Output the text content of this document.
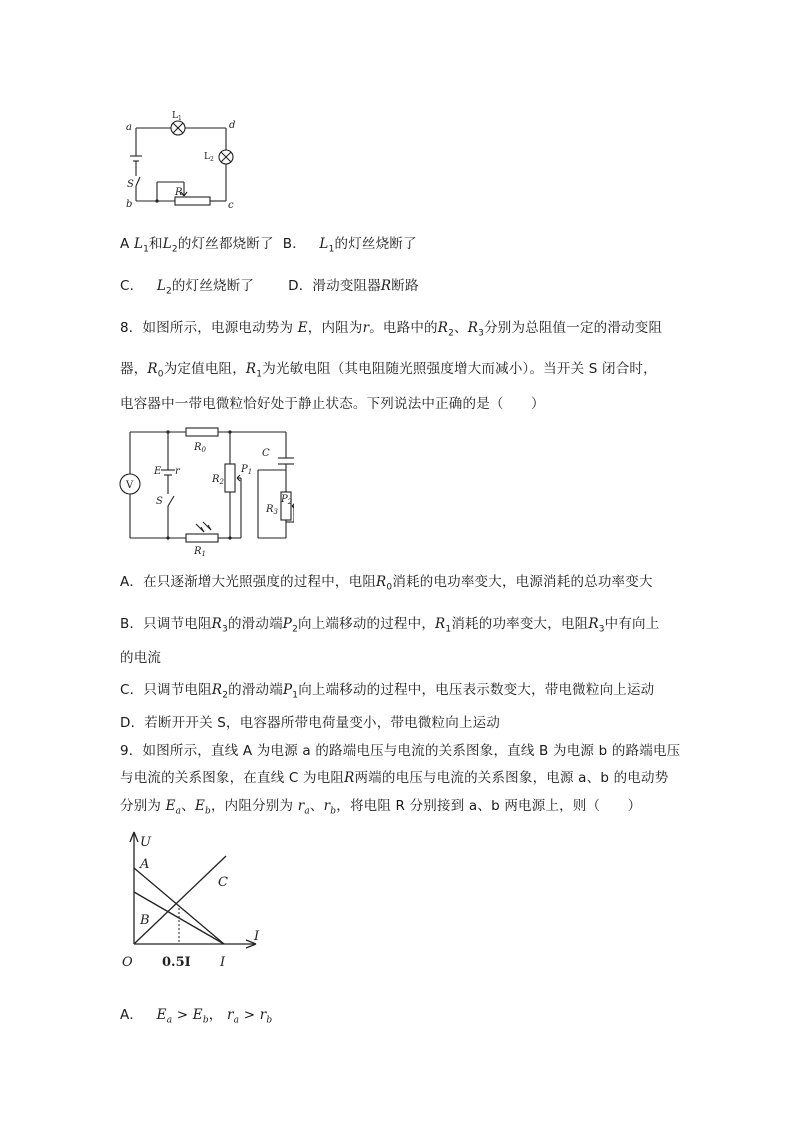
a	d
b	c
S
R
$L_1$
$L_2$
A $L_1$和$L_2$的灯丝都烧断了 B． $L_1$的灯丝烧断了
C． $L_2$的灯丝烧断了	D．滑动变阻器R断路
8．如图所示，电源电动势为 E，内阻为r。电路中的$R_2$、$R_3$分别为总阻值一定的滑动变阻
器，$R_0$为定值电阻，$R_1$为光敏电阻（其电阻随光照强度增大而减小）。当开关 S 闭合时，
电容器中一带电微粒恰好处于静止状态。下列说法中正确的是（　　）
V
$R_0$
E r
S
$R_2$
$P_1$
C
$R_3$
$P_2$
$R_1$
A．在只逐渐增大光照强度的过程中，电阻$R_0$消耗的电功率变大，电源消耗的总功率变大
B．只调节电阻$R_3$的滑动端$P_2$向上端移动的过程中，$R_1$消耗的功率变大，电阻$R_3$中有向上
的电流
C．只调节电阻$R_2$的滑动端$P_1$向上端移动的过程中，电压表示数变大，带电微粒向上运动
D．若断开开关 S，电容器所带电荷量变小，带电微粒向上运动
9．如图所示，直线 A 为电源 a 的路端电压与电流的关系图象，直线 B 为电源 b 的路端电压
与电流的关系图象，在直线 C 为电阻R两端的电压与电流的关系图象，电源 a、b 的电动势
分别为 $E_a$、$E_b$，内阻分别为 $r_a$、$r_b$，将电阻 R 分别接到 a、b 两电源上，则（　　）
U
A
B
C
I
O	I
0.5I
A． $E_a > E_b$， $r_a > r_b$
